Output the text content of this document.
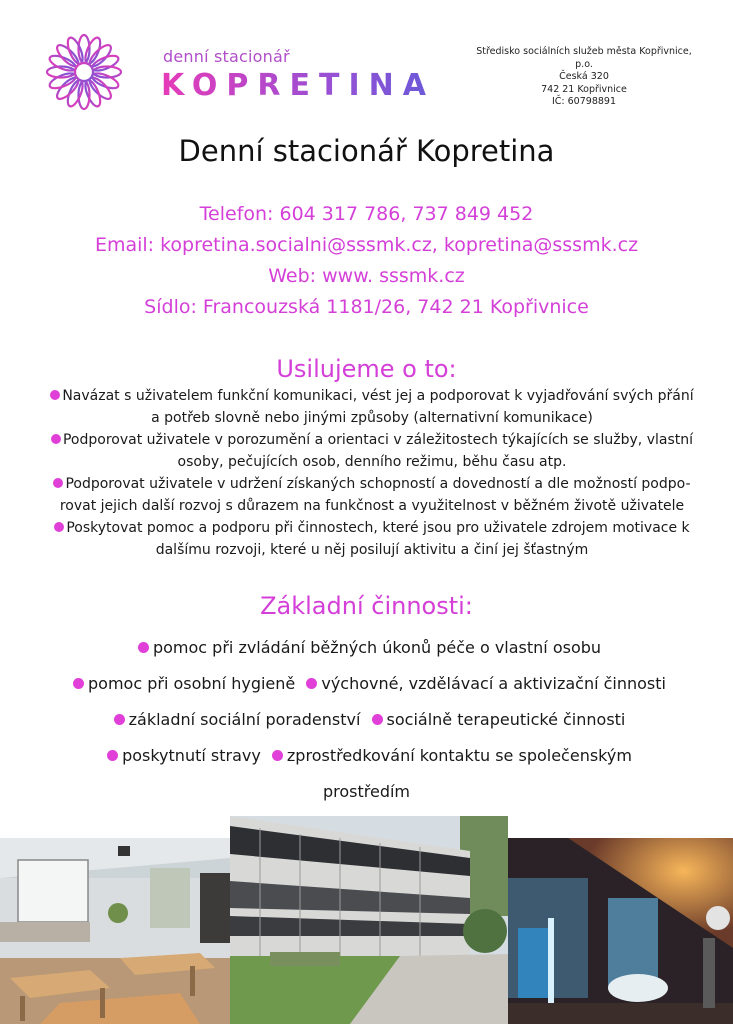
denní stacionář
KOPRETINA
Středisko sociálních služeb města Kopřivnice, p.o.
Česká 320
742 21 Kopřivnice
IČ: 60798891
Denní stacionář Kopretina
Telefon: 604 317 786, 737 849 452
Email: kopretina.socialni@sssmk.cz, kopretina@sssmk.cz
Web: www. sssmk.cz
Sídlo: Francouzská 1181/26, 742 21 Kopřivnice
Usilujeme o to:
Navázat s uživatelem funkční komunikaci, vést jej a podporovat k vyjadřování svých přání
a potřeb slovně nebo jinými způsoby (alternativní komunikace)
Podporovat uživatele v porozumění a orientaci v záležitostech týkajících se služby, vlastní
osoby, pečujících osob, denního režimu, běhu času atp.
Podporovat uživatele v udržení získaných schopností a dovedností a dle možností podpo-
rovat jejich další rozvoj s důrazem na funkčnost a využitelnost v běžném životě uživatele
Poskytovat pomoc a podporu při činnostech, které jsou pro uživatele zdrojem motivace k
dalšímu rozvoji, které u něj posilují aktivitu a činí jej šťastným
Základní činnosti:
pomoc při zvládání běžných úkonů péče o vlastní osobu
pomoc při osobní hygieně výchovné, vzdělávací a aktivizační činnosti základní sociální poradenství sociálně terapeutické činnosti poskytnutí stravy zprostředkování kontaktu se společenským prostředím
